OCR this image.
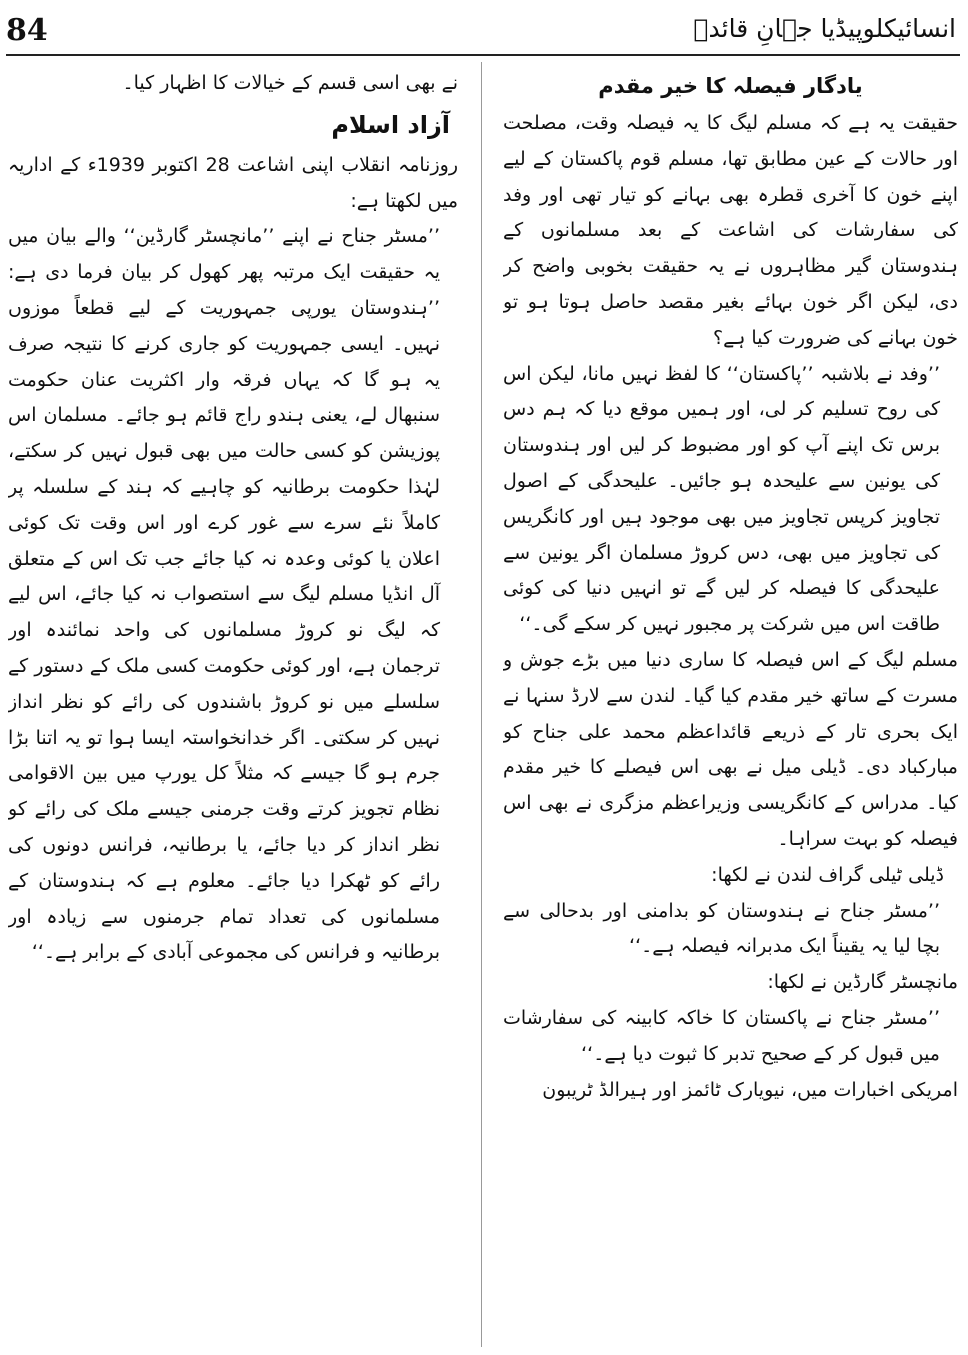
84	انسائیکلوپیڈیا جہانِ قائدؒ
یادگار فیصلہ کا خیر مقدم

حقیقت یہ ہے کہ مسلم لیگ کا یہ فیصلہ وقت، مصلحت اور حالات کے عین مطابق تھا، مسلم قوم پاکستان کے لیے اپنے خون کا آخری قطرہ بھی بہانے کو تیار تھی اور وفد کی سفارشات کی اشاعت کے بعد مسلمانوں کے ہندوستان گیر مظاہروں نے یہ حقیقت بخوبی واضح کر دی، لیکن اگر خون بہائے بغیر مقصد حاصل ہوتا ہو تو خون بہانے کی ضرورت کیا ہے؟

’’وفد نے بلاشبہ ’’پاکستان‘‘ کا لفظ نہیں مانا، لیکن اس کی روح تسلیم کر لی، اور ہمیں موقع دیا کہ ہم دس برس تک اپنے آپ کو اور مضبوط کر لیں اور ہندوستان کی یونین سے علیحدہ ہو جائیں۔ علیحدگی کے اصول تجاویز کرپس تجاویز میں بھی موجود ہیں اور کانگریس کی تجاویز میں بھی، دس کروڑ مسلمان اگر یونین سے علیحدگی کا فیصلہ کر لیں گے تو انہیں دنیا کی کوئی طاقت اس میں شرکت پر مجبور نہیں کر سکے گی۔‘‘

مسلم لیگ کے اس فیصلہ کا ساری دنیا میں بڑے جوش و مسرت کے ساتھ خیر مقدم کیا گیا۔ لندن سے لارڈ سنہا نے ایک بحری تار کے ذریعے قائداعظم محمد علی جناح کو مبارکباد دی۔ ڈیلی میل نے بھی اس فیصلے کا خیر مقدم کیا۔ مدراس کے کانگریسی وزیراعظم مزگری نے بھی اس فیصلہ کو بہت سراہا۔

ڈیلی ٹیلی گراف لندن نے لکھا:

’’مسٹر جناح نے ہندوستان کو بدامنی اور بدحالی سے بچا لیا یہ یقیناً ایک مدبرانہ فیصلہ ہے۔‘‘

مانچسٹر گارڈین نے لکھا:

’’مسٹر جناح نے پاکستان کا خاکہ کابینہ کی سفارشات میں قبول کر کے صحیح تدبر کا ثبوت دیا ہے۔‘‘

امریکی اخبارات میں، نیویارک ٹائمز اور ہیرالڈ ٹریبون

نے بھی اسی قسم کے خیالات کا اظہار کیا۔

آزاد اسلام

روزنامہ انقلاب اپنی اشاعت 28 اکتوبر 1939ء کے اداریہ میں لکھتا ہے:

’’مسٹر جناح نے اپنے ’’مانچسٹر گارڈین‘‘ والے بیان میں یہ حقیقت ایک مرتبہ پھر کھول کر بیان فرما دی ہے: ’’ہندوستان یورپی جمہوریت کے لیے قطعاً موزوں نہیں۔ ایسی جمہوریت کو جاری کرنے کا نتیجہ صرف یہ ہو گا کہ یہاں فرقہ وار اکثریت عنان حکومت سنبھال لے، یعنی ہندو راج قائم ہو جائے۔ مسلمان اس پوزیشن کو کسی حالت میں بھی قبول نہیں کر سکتے، لہٰذا حکومت برطانیہ کو چاہیے کہ ہند کے سلسلہ پر کاملاً نئے سرے سے غور کرے اور اس وقت تک کوئی اعلان یا کوئی وعدہ نہ کیا جائے جب تک اس کے متعلق آل انڈیا مسلم لیگ سے استصواب نہ کیا جائے، اس لیے کہ لیگ نو کروڑ مسلمانوں کی واحد نمائندہ اور ترجمان ہے، اور کوئی حکومت کسی ملک کے دستور کے سلسلے میں نو کروڑ باشندوں کی رائے کو نظر انداز نہیں کر سکتی۔ اگر خدانخواستہ ایسا ہوا تو یہ اتنا بڑا جرم ہو گا جیسے کہ مثلاً کل یورپ میں بین الاقوامی نظام تجویز کرتے وقت جرمنی جیسے ملک کی رائے کو نظر انداز کر دیا جائے، یا برطانیہ، فرانس دونوں کی رائے کو ٹھکرا دیا جائے۔ معلوم ہے کہ ہندوستان کے مسلمانوں کی تعداد تمام جرمنوں سے زیادہ اور برطانیہ و فرانس کی مجموعی آبادی کے برابر ہے۔‘‘
